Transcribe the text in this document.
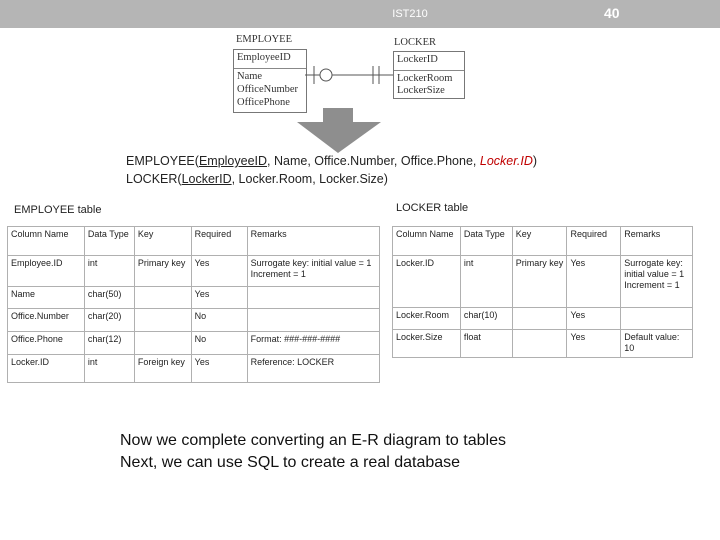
IST210	40
EMPLOYEE
EmployeeID
Name
OfficeNumber
OfficePhone
LOCKER
LockerID
LockerRoom
LockerSize
EMPLOYEE(EmployeeID, Name, Office.Number, Office.Phone, Locker.ID)
LOCKER(LockerID, Locker.Room, Locker.Size)
EMPLOYEE table	LOCKER table
Column Name	Data Type	Key	Required	Remarks
Employee.ID	int	Primary key	Yes	Surrogate key: initial value = 1 Increment = 1
Name	char(50)		Yes	
Office.Number	char(20)		No	
Office.Phone	char(12)		No	Format: ###-###-####
Locker.ID	int	Foreign key	Yes	Reference: LOCKER
Column Name	Data Type	Key	Required	Remarks
Locker.ID	int	Primary key	Yes	Surrogate key: initial value = 1 Increment = 1
Locker.Room	char(10)		Yes	
Locker.Size	float		Yes	Default value: 10
Now we complete converting an E-R diagram to tables
Next, we can use SQL to create a real database
